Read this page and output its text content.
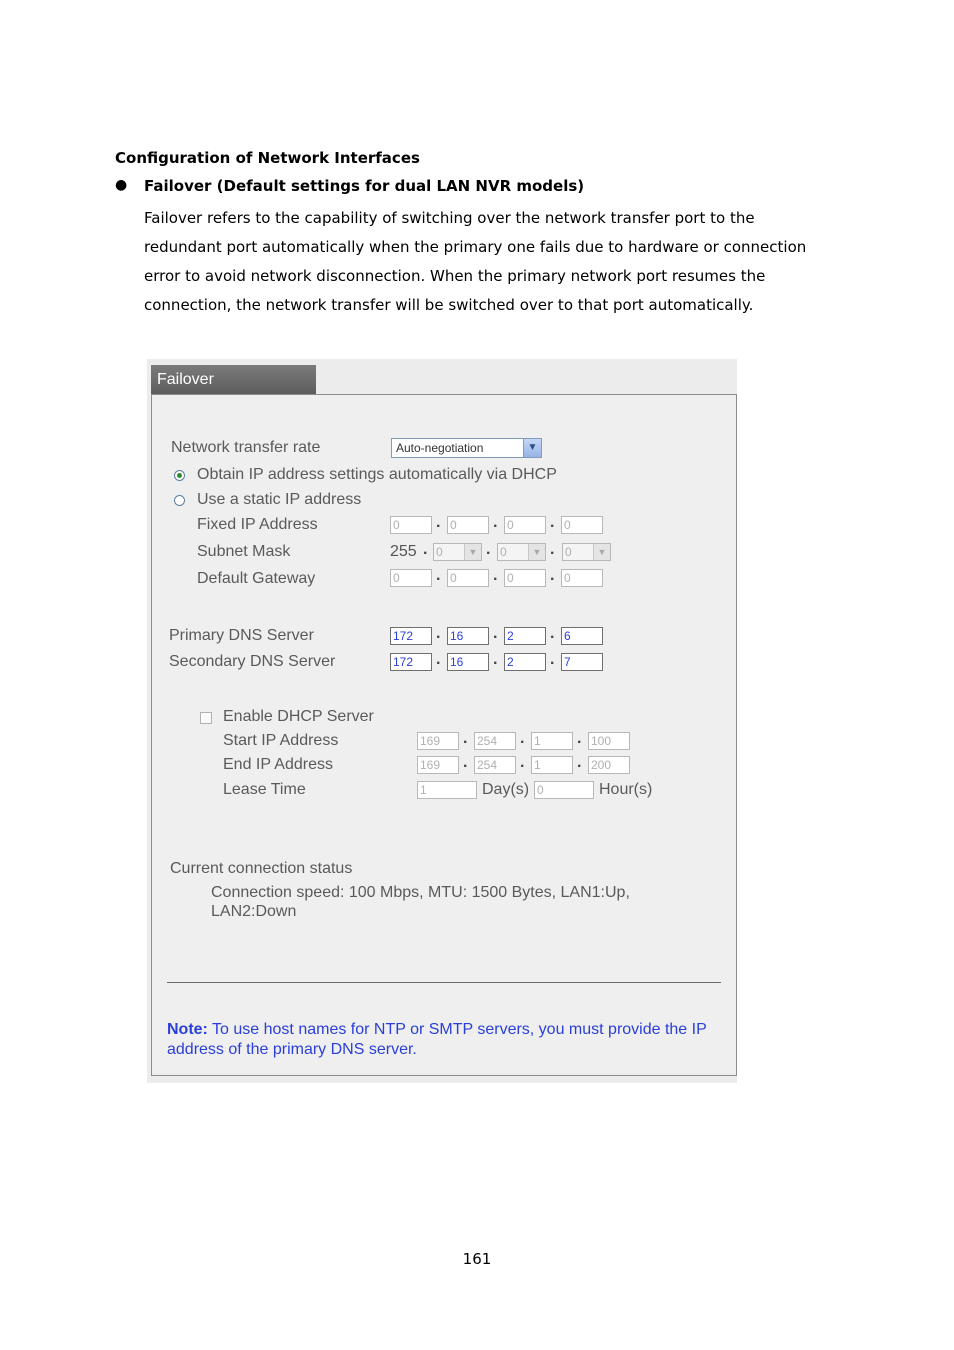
Configuration of Network Interfaces
● Failover (Default settings for dual LAN NVR models)
Failover refers to the capability of switching over the network transfer port to the
redundant port automatically when the primary one fails due to hardware or connection
error to avoid network disconnection. When the primary network port resumes the
connection, the network transfer will be switched over to that port automatically.
Failover
Network transfer rate	Auto-negotiation	▼
Obtain IP address settings automatically via DHCP
Use a static IP address
Fixed IP Address	0	. 0	. 0	. 0
Subnet Mask	255 . 0	▼ . 0	▼ . 0	▼
Default Gateway	0	. 0	. 0	. 0
Primary DNS Server	172	. 16	. 2	. 6
Secondary DNS Server	172	. 16	. 2	. 7
Enable DHCP Server
Start IP Address	169	. 254	. 1	. 100
End IP Address	169	. 254	. 1	. 200
Lease Time	1	Day(s) 0	Hour(s)
Current connection status
Connection speed: 100 Mbps, MTU: 1500 Bytes, LAN1:Up,
LAN2:Down
Note: To use host names for NTP or SMTP servers, you must provide the IP address of the primary DNS server.
161
